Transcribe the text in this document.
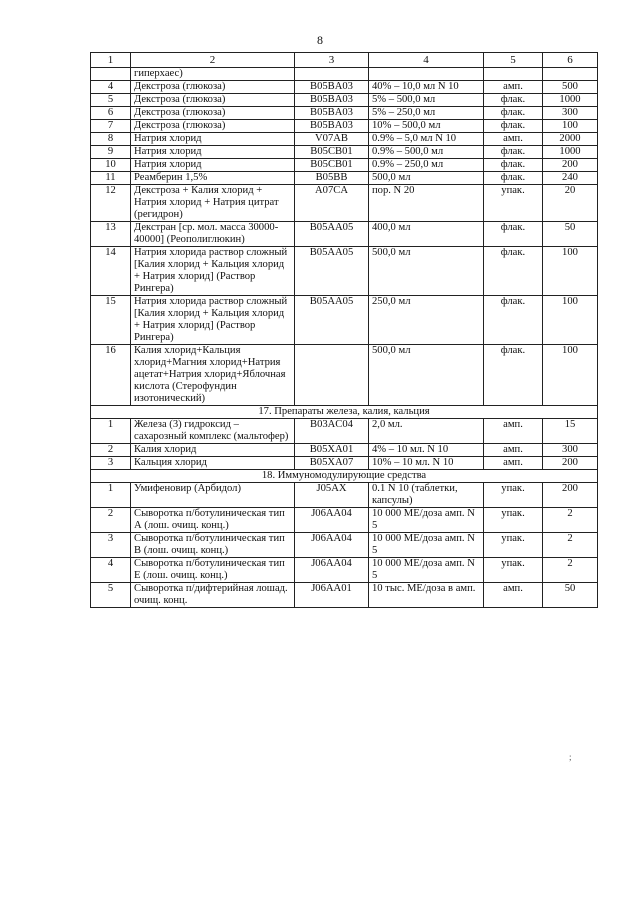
8
1	2	3	4	5	6
	гиперхаес)				
4	Декстроза (глюкоза)	B05BA03	40% – 10,0 мл N 10	амп.	500
5	Декстроза (глюкоза)	B05BA03	5% – 500,0 мл	флак.	1000
6	Декстроза (глюкоза)	B05BA03	5% – 250,0 мл	флак.	300
7	Декстроза (глюкоза)	B05BA03	10% – 500,0 мл	флак.	100
8	Натрия хлорид	V07AB	0.9% – 5,0 мл N 10	амп.	2000
9	Натрия хлорид	B05CB01	0.9% – 500,0 мл	флак.	1000
10	Натрия хлорид	B05CB01	0.9% – 250,0 мл	флак.	200
11	Реамберин 1,5%	B05BB	500,0 мл	флак.	240
12	Декстроза + Калия хлорид + Натрия хлорид + Натрия цитрат (регидрон)	A07CA	пор. N 20	упак.	20
13	Декстран [ср. мол. масса 30000-40000] (Реополиглюкин)	B05AA05	400,0 мл	флак.	50
14	Натрия хлорида раствор сложный [Калия хлорид + Кальция хлорид + Натрия хлорид] (Раствор Рингера)	B05AA05	500,0 мл	флак.	100
15	Натрия хлорида раствор сложный [Калия хлорид + Кальция хлорид + Натрия хлорид] (Раствор Рингера)	B05AA05	250,0 мл	флак.	100
16	Калия хлорид+Кальция хлорид+Магния хлорид+Натрия ацетат+Натрия хлорид+Яблочная кислота (Стерофундин изотонический)		500,0 мл	флак.	100
17. Препараты железа, калия, кальция					
1	Железа (3) гидроксид – сахарозный комплекс (мальтофер)	B03AC04	2,0 мл.	амп.	15
2	Калия хлорид	B05XA01	4% – 10 мл. N 10	амп.	300
3	Кальция хлорид	B05XA07	10% – 10 мл. N 10	амп.	200
18. Иммуномодулирующие средства					
1	Умифеновир (Арбидол)	J05AX	0.1 N 10 (таблетки, капсулы)	упак.	200
2	Сыворотка п/ботулиническая тип А (лош. очищ. конц.)	J06AA04	10 000 МЕ/доза амп. N 5	упак.	2
3	Сыворотка п/ботулиническая тип В (лош. очищ. конц.)	J06AA04	10 000 МЕ/доза амп. N 5	упак.	2
4	Сыворотка п/ботулиническая тип Е (лош. очищ. конц.)	J06AA04	10 000 МЕ/доза амп. N 5	упак.	2
5	Сыворотка п/дифтерийная лошад. очищ. конц.	J06AA01	10 тыс. МЕ/доза в амп.	амп.	50
;
